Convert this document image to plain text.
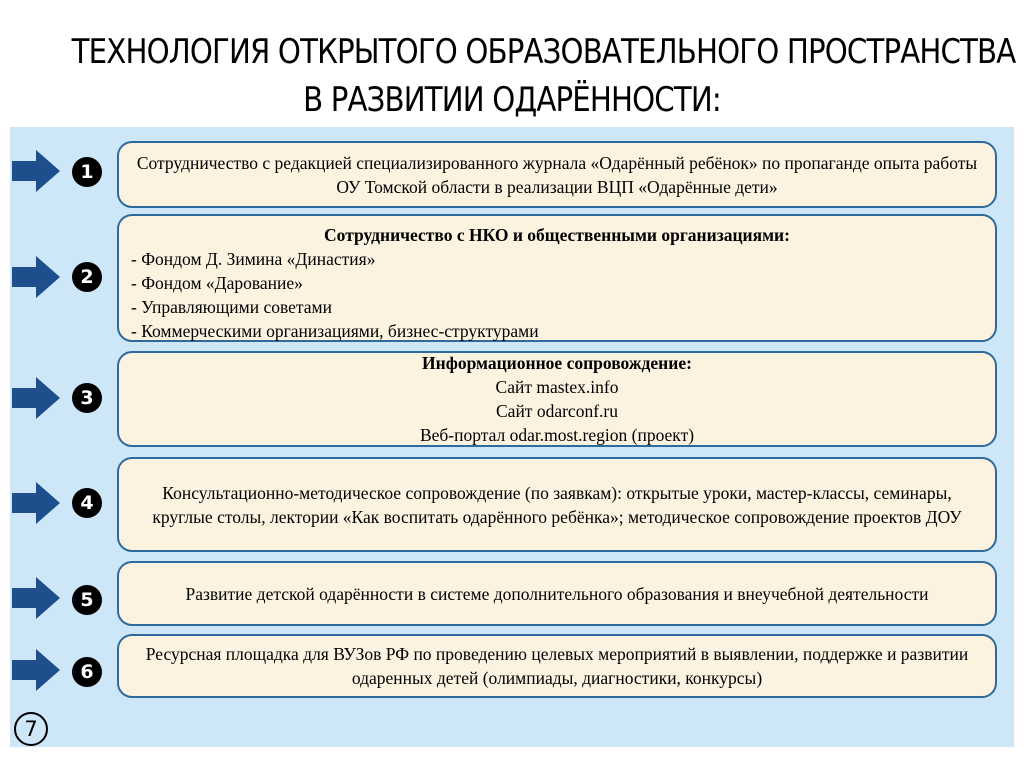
ТЕХНОЛОГИЯ ОТКРЫТОГО ОБРАЗОВАТЕЛЬНОГО ПРОСТРАНСТВА
В РАЗВИТИИ ОДАРЁННОСТИ:
1
2
3
4
5
6
7
Сотрудничество с редакцией специализированного журнала «Одарённый ребёнок» по пропаганде опыта работы ОУ Томской области в реализации ВЦП «Одарённые дети»
Сотрудничество с НКО и общественными организациями:
- Фондом Д. Зимина «Династия»
- Фондом «Дарование»
- Управляющими советами
- Коммерческими организациями, бизнес-структурами
Информационное сопровождение:
Сайт mastex.info
Сайт odarconf.ru
Веб-портал odar.most.region (проект)
Консультационно-методическое сопровождение (по заявкам): открытые уроки, мастер-классы, семинары, круглые столы, лектории «Как воспитать одарённого ребёнка»; методическое сопровождение проектов ДОУ
Развитие детской одарённости в системе дополнительного образования и внеучебной деятельности
Ресурсная площадка для ВУЗов РФ по проведению целевых мероприятий в выявлении, поддержке и развитии одаренных детей (олимпиады, диагностики, конкурсы)
